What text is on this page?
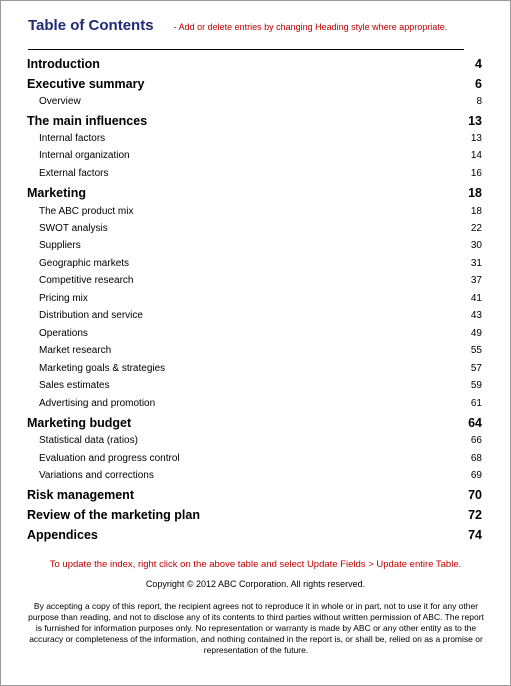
Table of Contents - Add or delete entries by changing Heading style where appropriate.
Introduction	4
Executive summary	6
Overview	8
The main influences	13
Internal factors	13
Internal organization	14
External factors	16
Marketing	18
The ABC product mix	18
SWOT analysis	22
Suppliers	30
Geographic markets	31
Competitive research	37
Pricing mix	41
Distribution and service	43
Operations	49
Market research	55
Marketing goals & strategies	57
Sales estimates	59
Advertising and promotion	61
Marketing budget	64
Statistical data (ratios)	66
Evaluation and progress control	68
Variations and corrections	69
Risk management	70
Review of the marketing plan	72
Appendices	74
To update the index, right click on the above table and select Update Fields > Update entire Table.
Copyright © 2012 ABC Corporation. All rights reserved.
By accepting a copy of this report, the recipient agrees not to reproduce it in whole or in part, not to use it for any other purpose than reading, and not to disclose any of its contents to third parties without written permission of ABC. The report is furnished for information purposes only. No representation or warranty is made by ABC or any other entity as to the accuracy or completeness of the information, and nothing contained in the report is, or shall be, relied on as a promise or representation of the future.
